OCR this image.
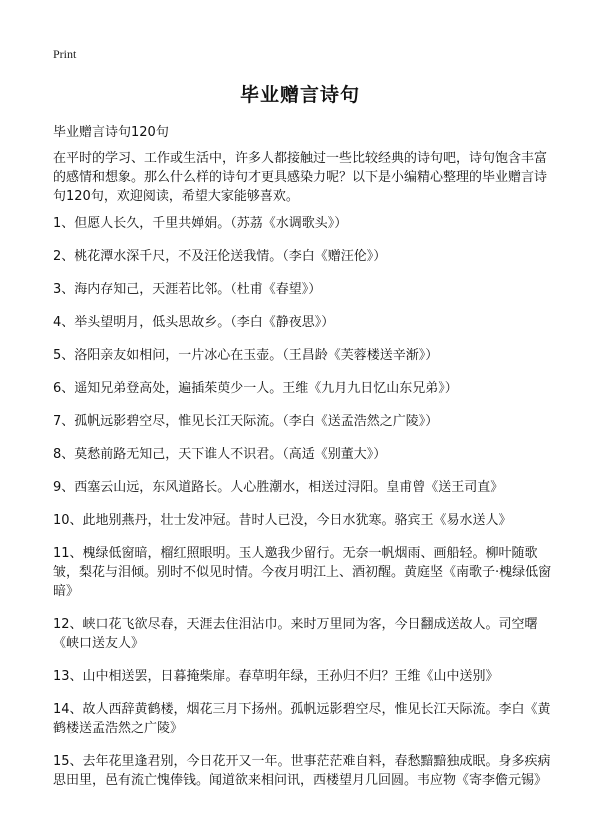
Print
毕业赠言诗句
毕业赠言诗句120句
在平时的学习、工作或生活中，许多人都接触过一些比较经典的诗句吧，诗句饱含丰富的感情和想象。那么什么样的诗句才更具感染力呢？以下是小编精心整理的毕业赠言诗句120句，欢迎阅读，希望大家能够喜欢。
1、但愿人长久，千里共婵娟。（苏茘《水调歌头》）
2、桃花潭水深千尺，不及汪伦送我情。（李白《赠汪伦》）
3、海内存知己，天涯若比邻。（杜甫《春望》）
4、举头望明月，低头思故乡。（李白《静夜思》）
5、洛阳亲友如相问，一片冰心在玉壶。（王昌龄《芙蓉楼送辛渐》）
6、遥知兄弟登高处，遍插茱萸少一人。王维《九月九日忆山东兄弟》）
7、孤帆远影碧空尽，惟见长江天际流。（李白《送孟浩然之广陵》）
8、莫愁前路无知己，天下谁人不识君。（高适《别董大》）
9、西塞云山远，东风道路长。人心胜潮水，相送过浔阳。皇甫曾《送王司直》
10、此地别燕丹，壮士发冲冠。昔时人已没，今日水犹寒。骆宾王《易水送人》
11、槐绿低窗暗，榴红照眼明。玉人邀我少留行。无奈一帆烟雨、画船轻。柳叶随歌皱，梨花与泪倾。别时不似见时情。今夜月明江上、酒初醒。黄庭坚《南歌子·槐绿低窗暗》
12、峡口花飞欲尽春，天涯去住泪沾巾。来时万里同为客，今日翻成送故人。司空曙《峡口送友人》
13、山中相送罢，日暮掩柴扉。春草明年绿，王孙归不归？王维《山中送别》
14、故人西辞黄鹤楼，烟花三月下扬州。孤帆远影碧空尽，惟见长江天际流。李白《黄鹤楼送孟浩然之广陵》
15、去年花里逢君别，今日花开又一年。世事茫茫难自料，春愁黯黯独成眠。身多疾病思田里，邑有流亡愧俸钱。闻道欲来相问讯，西楼望月几回圆。韦应物《寄李儋元锡》
